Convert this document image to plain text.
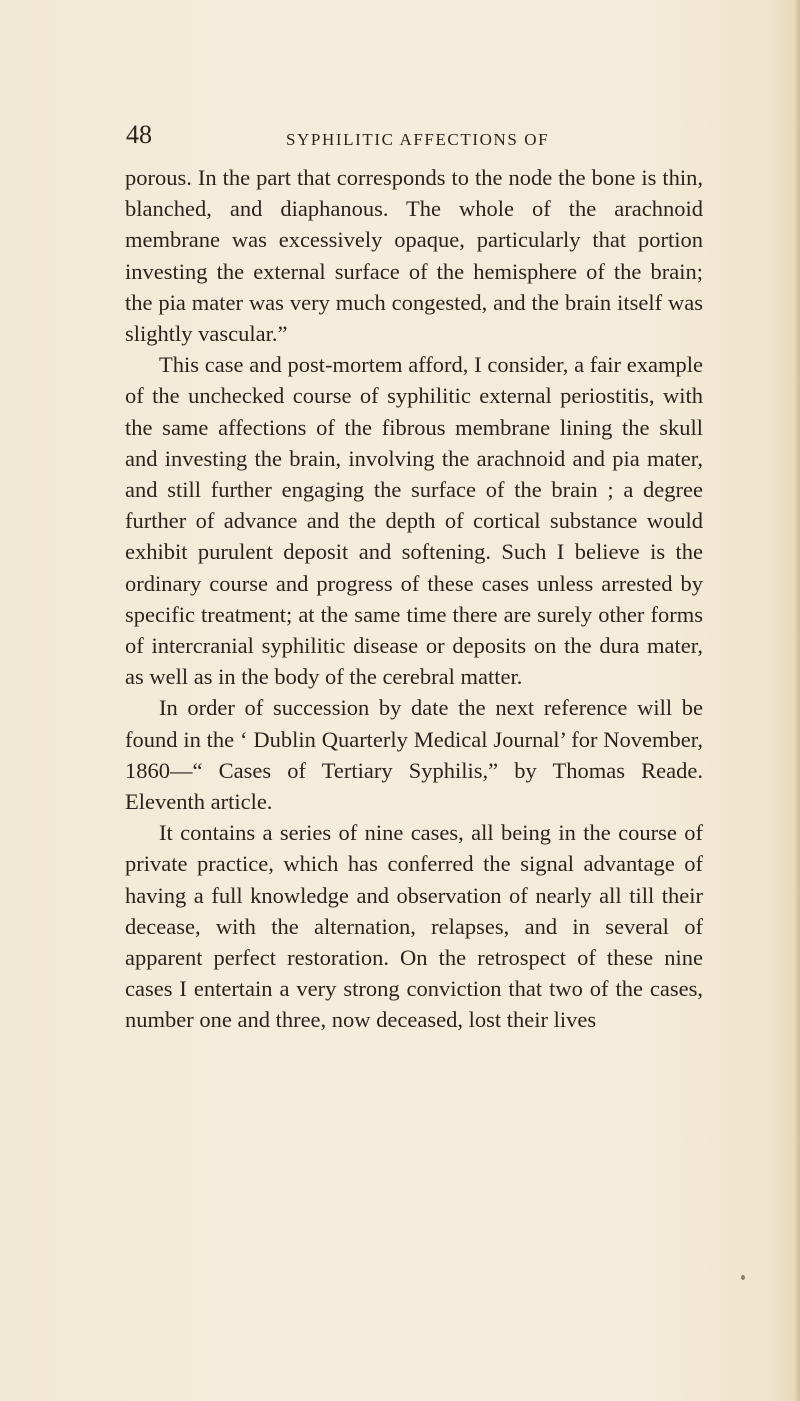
48	SYPHILITIC AFFECTIONS OF

porous. In the part that corresponds to the node the bone is thin, blanched, and diaphanous. The whole of the arachnoid membrane was excessively opaque, particularly that portion investing the external surface of the hemisphere of the brain; the pia mater was very much congested, and the brain itself was slightly vascular.”

This case and post-mortem afford, I consider, a fair example of the unchecked course of syphilitic external periostitis, with the same affections of the fibrous membrane lining the skull and investing the brain, involving the arachnoid and pia mater, and still further engaging the surface of the brain ; a degree further of advance and the depth of cortical substance would exhibit purulent deposit and softening. Such I believe is the ordinary course and progress of these cases unless arrested by specific treatment; at the same time there are surely other forms of intercranial syphilitic disease or deposits on the dura mater, as well as in the body of the cerebral matter.

In order of succession by date the next reference will be found in the ‘ Dublin Quarterly Medical Journal’ for November, 1860—“ Cases of Tertiary Syphilis,” by Thomas Reade. Eleventh article.

It contains a series of nine cases, all being in the course of private practice, which has conferred the signal advantage of having a full knowledge and observation of nearly all till their decease, with the alternation, relapses, and in several of apparent perfect restoration. On the retrospect of these nine cases I entertain a very strong conviction that two of the cases, number one and three, now deceased, lost their lives
